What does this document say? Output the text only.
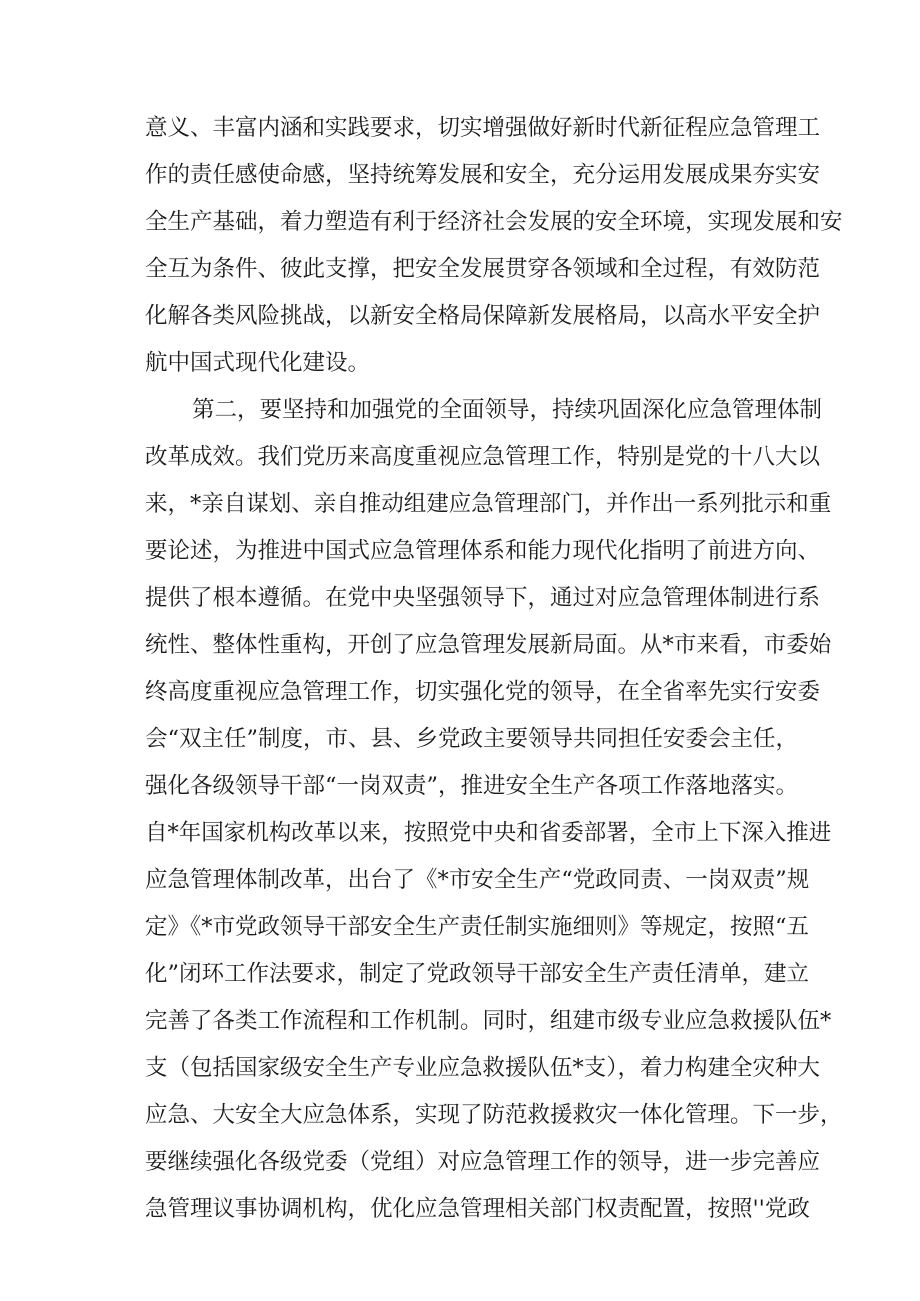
意义、丰富内涵和实践要求，切实增强做好新时代新征程应急管理工
作的责任感使命感，坚持统筹发展和安全，充分运用发展成果夯实安
全生产基础，着力塑造有利于经济社会发展的安全环境，实现发展和安
全互为条件、彼此支撑，把安全发展贯穿各领域和全过程，有效防范
化解各类风险挑战，以新安全格局保障新发展格局，以高水平安全护
航中国式现代化建设。
第二，要坚持和加强党的全面领导，持续巩固深化应急管理体制
改革成效。我们党历来高度重视应急管理工作，特别是党的十八大以
来，*亲自谋划、亲自推动组建应急管理部门，并作出一系列批示和重
要论述，为推进中国式应急管理体系和能力现代化指明了前进方向、
提供了根本遵循。在党中央坚强领导下，通过对应急管理体制进行系
统性、整体性重构，开创了应急管理发展新局面。从*市来看，市委始
终高度重视应急管理工作，切实强化党的领导，在全省率先实行安委
会“双主任”制度，市、县、乡党政主要领导共同担任安委会主任，
强化各级领导干部“一岗双责”，推进安全生产各项工作落地落实。
自*年国家机构改革以来，按照党中央和省委部署，全市上下深入推进
应急管理体制改革，出台了《*市安全生产“党政同责、一岗双责”规
定》《*市党政领导干部安全生产责任制实施细则》等规定，按照“五
化”闭环工作法要求，制定了党政领导干部安全生产责任清单，建立
完善了各类工作流程和工作机制。同时，组建市级专业应急救援队伍*
支（包括国家级安全生产专业应急救援队伍*支），着力构建全灾种大
应急、大安全大应急体系，实现了防范救援救灾一体化管理。下一步，
要继续强化各级党委（党组）对应急管理工作的领导，进一步完善应
急管理议事协调机构，优化应急管理相关部门权责配置，按照''党政
